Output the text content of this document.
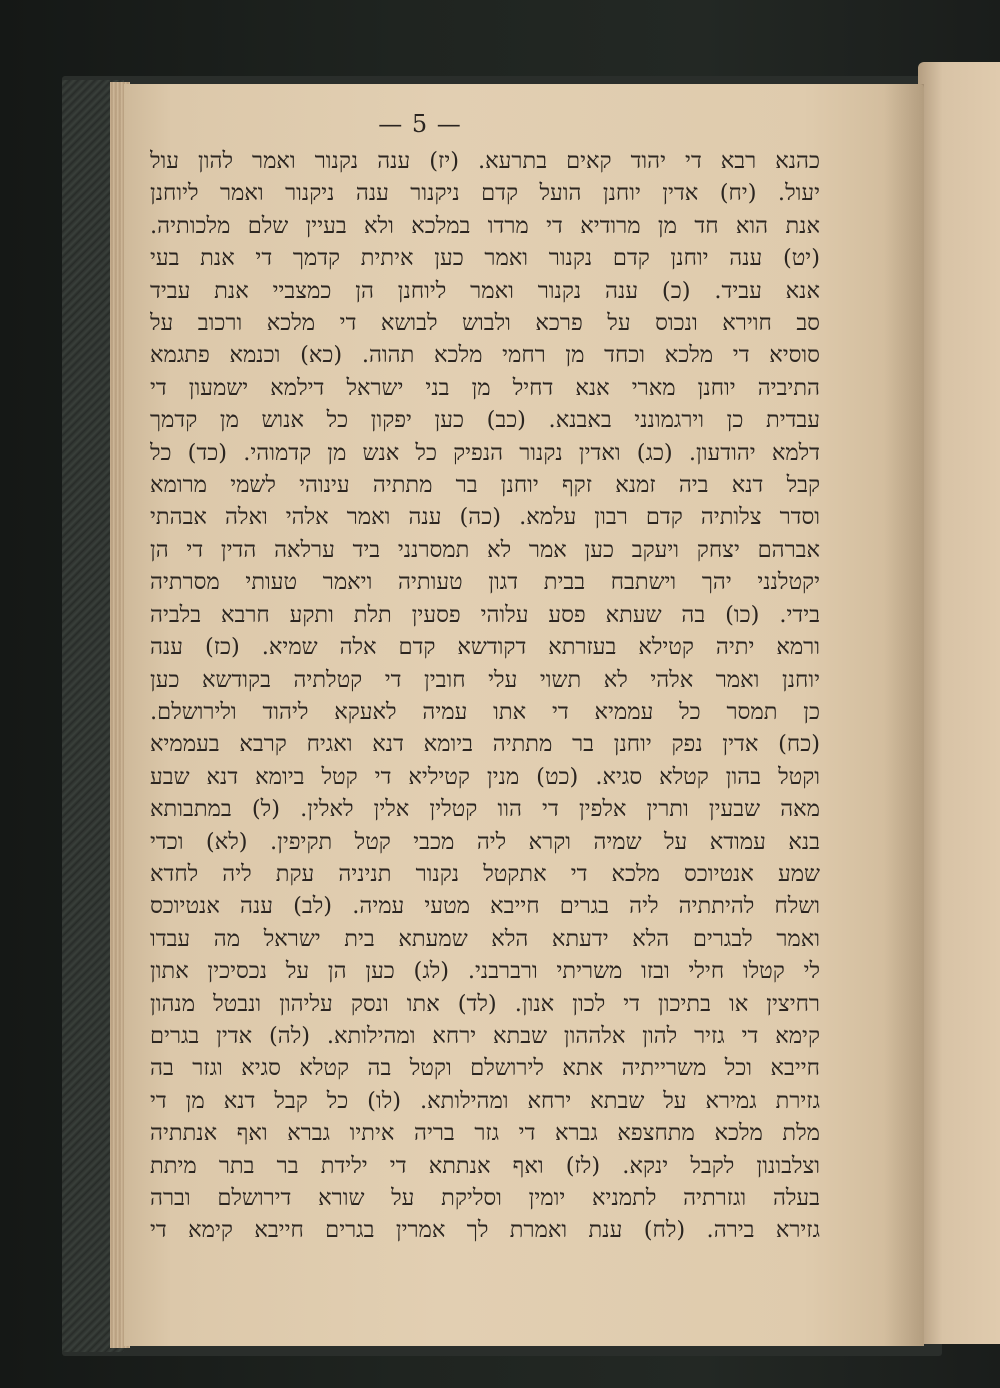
— 5 —
כהנא רבא די יהוד קאים בתרעא. (יז) ענה נקנור ואמר להון עול
יעול. (יח) אדין יוחנן הועל קדם ניקנור ענה ניקנור ואמר ליוחנן
אנת הוא חד מן מרודיא די מרדו במלכא ולא בעיין שלם מלכותיה.
(יט) ענה יוחנן קדם נקנור ואמר כען איתית קדמך די אנת בעי
אנא עביד. (כ) ענה נקנור ואמר ליוחנן הן כמצביי אנת עביד
סב חוירא ונכוס על פרכא ולבוש לבושא די מלכא ורכוב על
סוסיא די מלכא וכחד מן רחמי מלכא תהוה. (כא) וכנמא פתגמא
התיביה יוחנן מארי אנא דחיל מן בני ישראל דילמא ישמעון די
עבדית כן וירגמונני באבנא. (כב) כען יפקון כל אנוש מן קדמך
דלמא יהודעון. (כג) ואדין נקנור הנפיק כל אנש מן קדמוהי. (כד) כל
קבל דנא ביה זמנא זקף יוחנן בר מתתיה עינוהי לשמי מרומא
וסדר צלותיה קדם רבון עלמא. (כה) ענה ואמר אלהי ואלה אבהתי
אברהם יצחק ויעקב כען אמר לא תמסרנני ביד ערלאה הדין די הן
יקטלנני יהך וישתבח בבית דגון טעותיה ויאמר טעותי מסרתיה
בידי. (כו) בה שעתא פסע עלוהי פסעין תלת ותקע חרבא בלביה
ורמא יתיה קטילא בעזרתא דקודשא קדם אלה שמיא. (כז) ענה
יוחנן ואמר אלהי לא תשוי עלי חובין די קטלתיה בקודשא כען
כן תמסר כל עממיא די אתו עמיה לאעקא ליהוד ולירושלם.
(כח) אדין נפק יוחנן בר מתתיה ביומא דנא ואגיח קרבא בעממיא
וקטל בהון קטלא סגיא. (כט) מנין קטיליא די קטל ביומא דנא שבע
מאה שבעין ותרין אלפין די הוו קטלין אלין לאלין. (ל) במתבותא
בנא עמודא על שמיה וקרא ליה מכבי קטל תקיפין. (לא) וכדי
שמע אנטיוכס מלכא די אתקטל נקנור תניניה עקת ליה לחדא
ושלח להיתתיה ליה בגרים חייבא מטעי עמיה. (לב) ענה אנטיוכס
ואמר לבגרים הלא ידעתא הלא שמעתא בית ישראל מה עבדו
לי קטלו חילי ובזו משריתי ורברבני. (לג) כען הן על נכסיכין אתון
רחיצין או בתיכון די לכון אנון. (לד) אתו ונסק עליהון ונבטל מנהון
קימא די גזיר להון אלההון שבתא ירחא ומהילותא. (לה) אדין בגרים
חייבא וכל משרייתיה אתא לירושלם וקטל בה קטלא סגיא וגזר בה
גזירת גמירא על שבתא ירחא ומהילותא. (לו) כל קבל דנא מן די
מלת מלכא מתחצפא גברא די גזר בריה איתיו גברא ואף אנתתיה
וצלבונון לקבל ינקא. (לז) ואף אנתתא די ילידת בר בתר מיתת
בעלה וגזרתיה לתמניא יומין וסליקת על שורא דירושלם וברה
גזירא בירה. (לח) ענת ואמרת לך אמרין בגרים חייבא קימא די
